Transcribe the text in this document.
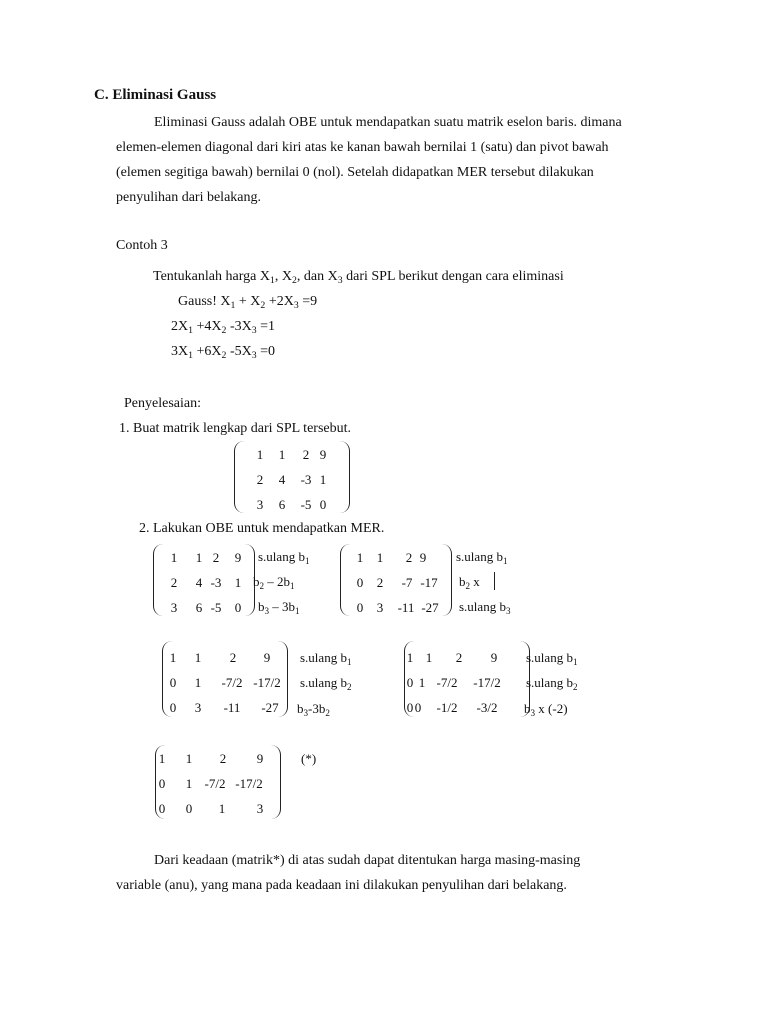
C. Eliminasi Gauss

Eliminasi Gauss adalah OBE untuk mendapatkan suatu matrik eselon baris. dimana

elemen-elemen diagonal dari kiri atas ke kanan bawah bernilai 1 (satu) dan pivot bawah

(elemen segitiga bawah) bernilai 0 (nol). Setelah didapatkan MER tersebut dilakukan

penyulihan dari belakang.

Contoh 3
Tentukanlah harga $X_1$, $X_2$, dan $X_3$ dari SPL berikut dengan cara eliminasi
Gauss! $X_1 + X_2 +2X_3 =9$
$2X_1 +4X_2$ $-3X_3 =1$
$3X_1 +6X_2$ $-5X_3 =0$
Penyelesaian:
1. Buat matrik lengkap dari SPL tersebut.
1 1 2 9
2 4 -3 1
3 6 -5 0
2. Lakukan OBE untuk mendapatkan MER.
1 1 2 9
2 4 -3 1
3 6 -5 0
s.ulang $b_1$
$b_2 - 2b_1$
$b_3 - 3b_1$
1 1 2 9
0 2 -7 -17
0 3 -11 -27
s.ulang $b_1$
$b_2$ x
s.ulang $b_3$
1 1 2 9
0 1 -7/2 -17/2
0 3 -11 -27
s.ulang $b_1$
s.ulang $b_2$
$b_3-3b_2$
1 1 2 9
0 1 -7/2 -17/2
0 0 -1/2 -3/2
s.ulang $b_1$
s.ulang $b_2$
$b_3$ x (-2)
1 1 2 9
0 1 -7/2 -17/2
0 0 1 3
(*)

Dari keadaan (matrik*) di atas sudah dapat ditentukan harga masing-masing

variable (anu), yang mana pada keadaan ini dilakukan penyulihan dari belakang.
